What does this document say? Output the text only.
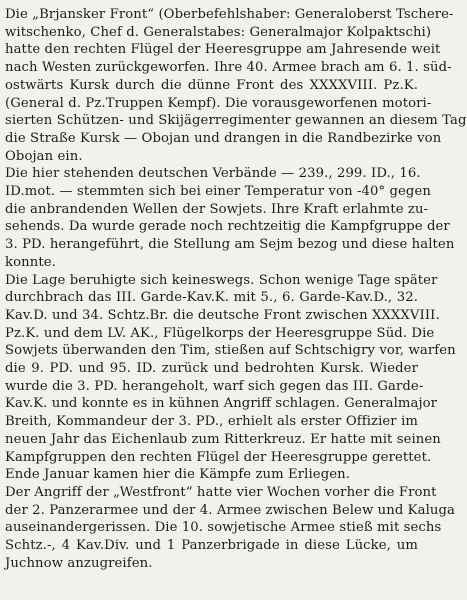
Die „Brjansker Front“ (Oberbefehlshaber: Generaloberst Tschere-
witschenko, Chef d. Generalstabes: Generalmajor Kolpaktschi)
hatte den rechten Flügel der Heeresgruppe am Jahresende weit
nach Westen zurückgeworfen. Ihre 40. Armee brach am 6. 1. süd-
ostwärts Kursk durch die dünne Front des XXXXVIII. Pz.K.
(General d. Pz.Truppen Kempf). Die vorausgeworfenen motori-
sierten Schützen- und Skijägerregimenter gewannen an diesem Tag
die Straße Kursk — Obojan und drangen in die Randbezirke von
Obojan ein.
Die hier stehenden deutschen Verbände — 239., 299. ID., 16.
ID.mot. — stemmten sich bei einer Temperatur von -40° gegen
die anbrandenden Wellen der Sowjets. Ihre Kraft erlahmte zu-
sehends. Da wurde gerade noch rechtzeitig die Kampfgruppe der
3. PD. herangeführt, die Stellung am Sejm bezog und diese halten
konnte.
Die Lage beruhigte sich keineswegs. Schon wenige Tage später
durchbrach das III. Garde-Kav.K. mit 5., 6. Garde-Kav.D., 32.
Kav.D. und 34. Schtz.Br. die deutsche Front zwischen XXXXVIII.
Pz.K. und dem LV. AK., Flügelkorps der Heeresgruppe Süd. Die
Sowjets überwanden den Tim, stießen auf Schtschigry vor, warfen
die 9. PD. und 95. ID. zurück und bedrohten Kursk. Wieder
wurde die 3. PD. herangeholt, warf sich gegen das III. Garde-
Kav.K. und konnte es in kühnen Angriff schlagen. Generalmajor
Breith, Kommandeur der 3. PD., erhielt als erster Offizier im
neuen Jahr das Eichenlaub zum Ritterkreuz. Er hatte mit seinen
Kampfgruppen den rechten Flügel der Heeresgruppe gerettet.
Ende Januar kamen hier die Kämpfe zum Erliegen.
Der Angriff der „Westfront“ hatte vier Wochen vorher die Front
der 2. Panzerarmee und der 4. Armee zwischen Belew und Kaluga
auseinandergerissen. Die 10. sowjetische Armee stieß mit sechs
Schtz.-, 4 Kav.Div. und 1 Panzerbrigade in diese Lücke, um
Juchnow anzugreifen.
